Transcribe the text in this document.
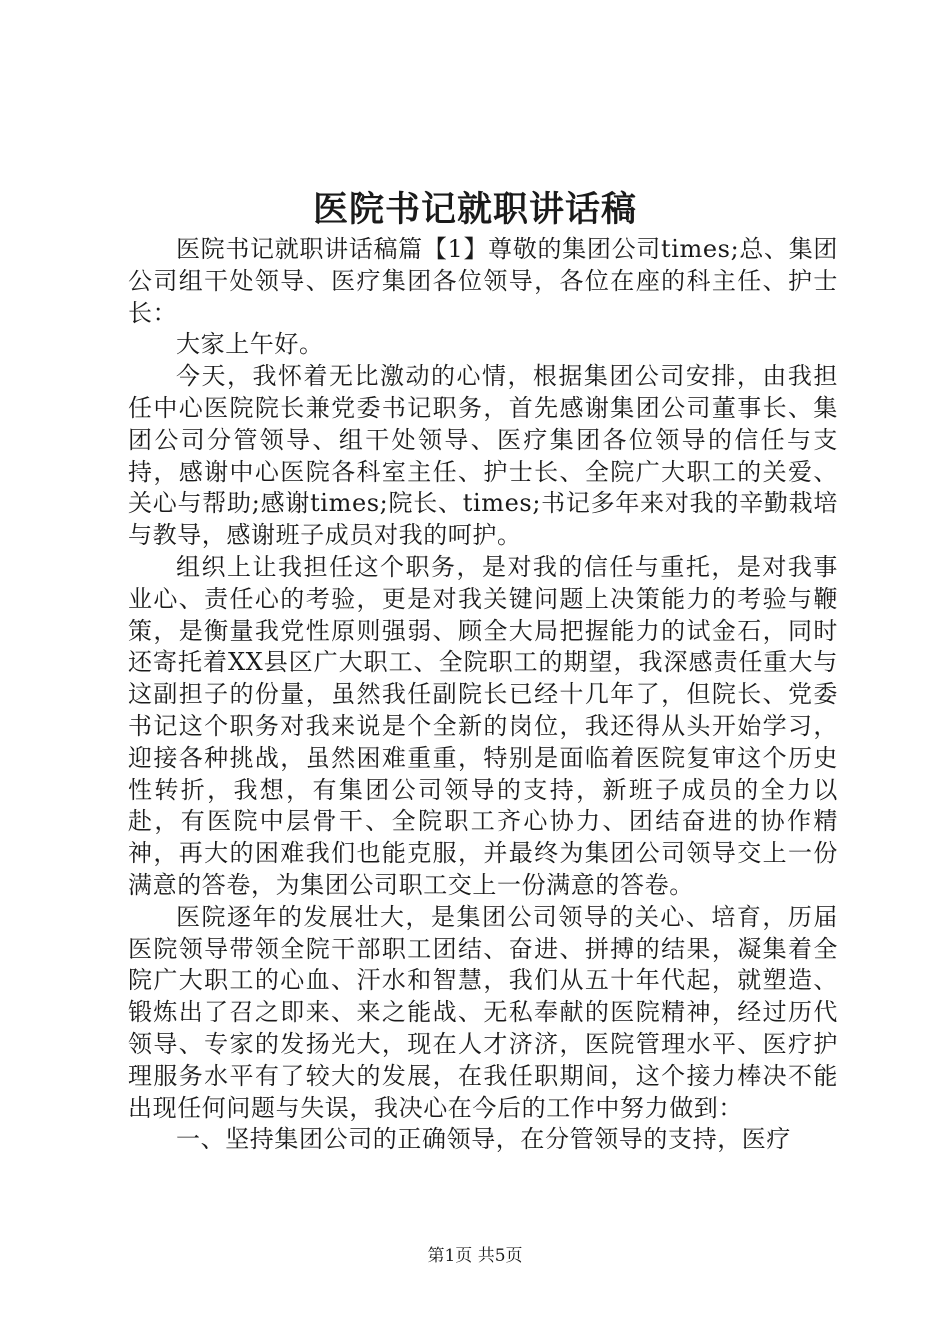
医院书记就职讲话稿

医院书记就职讲话稿篇【1】尊敬的集团公司times;总、集团公司组干处领导、医疗集团各位领导，各位在座的科主任、护士长：

大家上午好。

今天，我怀着无比激动的心情，根据集团公司安排，由我担任中心医院院长兼党委书记职务，首先感谢集团公司董事长、集团公司分管领导、组干处领导、医疗集团各位领导的信任与支持，感谢中心医院各科室主任、护士长、全院广大职工的关爱、关心与帮助;感谢times;院长、times;书记多年来对我的辛勤栽培与教导，感谢班子成员对我的呵护。

组织上让我担任这个职务，是对我的信任与重托，是对我事业心、责任心的考验，更是对我关键问题上决策能力的考验与鞭策，是衡量我党性原则强弱、顾全大局把握能力的试金石，同时还寄托着XX县区广大职工、全院职工的期望，我深感责任重大与这副担子的份量，虽然我任副院长已经十几年了，但院长、党委书记这个职务对我来说是个全新的岗位，我还得从头开始学习，迎接各种挑战，虽然困难重重，特别是面临着医院复审这个历史性转折，我想，有集团公司领导的支持，新班子成员的全力以赴，有医院中层骨干、全院职工齐心协力、团结奋进的协作精神，再大的困难我们也能克服，并最终为集团公司领导交上一份满意的答卷，为集团公司职工交上一份满意的答卷。

医院逐年的发展壮大，是集团公司领导的关心、培育，历届医院领导带领全院干部职工团结、奋进、拼搏的结果，凝集着全院广大职工的心血、汗水和智慧，我们从五十年代起，就塑造、锻炼出了召之即来、来之能战、无私奉献的医院精神，经过历代领导、专家的发扬光大，现在人才济济，医院管理水平、医疗护理服务水平有了较大的发展，在我任职期间，这个接力棒决不能出现任何问题与失误，我决心在今后的工作中努力做到：

一、坚持集团公司的正确领导，在分管领导的支持，医疗

第1页 共5页
